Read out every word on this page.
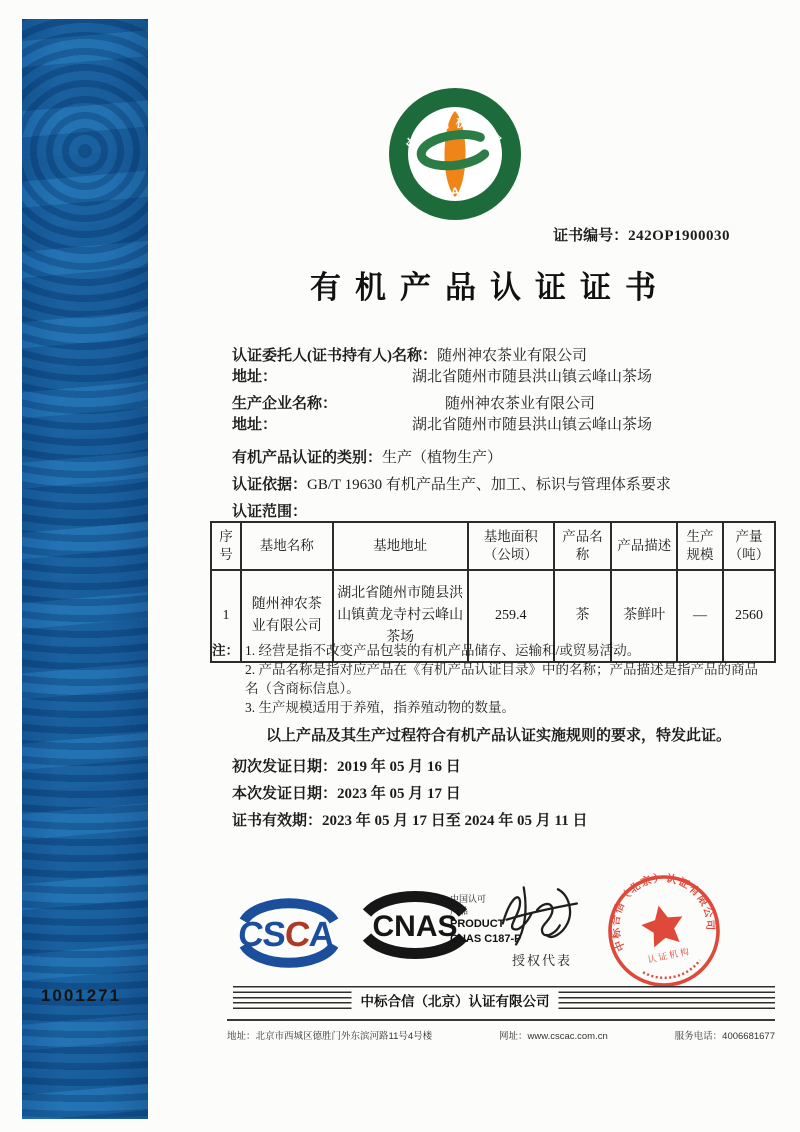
1001271
中国有机产品
ORGANIC
证书编号：242OP1900030
有机产品认证证书
认证委托人(证书持有人)名称： 随州神农茶业有限公司
地址：	湖北省随州市随县洪山镇云峰山茶场
生产企业名称：	随州神农茶业有限公司
地址：	湖北省随州市随县洪山镇云峰山茶场
有机产品认证的类别： 生产（植物生产）
认证依据： GB/T 19630 有机产品生产、加工、标识与管理体系要求
认证范围：
序号	基地名称	基地地址	基地面积（公顷）	产品名称	产品描述	生产规模	产量（吨）
1	随州神农茶业有限公司	湖北省随州市随县洪山镇黄龙寺村云峰山茶场	259.4	茶	茶鲜叶	—	2560
注： 1. 经营是指不改变产品包装的有机产品储存、运输和/或贸易活动。
2. 产品名称是指对应产品在《有机产品认证目录》中的名称；产品描述是指产品的商品名（含商标信息）。
3. 生产规模适用于养殖，指养殖动物的数量。
以上产品及其生产过程符合有机产品认证实施规则的要求，特发此证。
初次发证日期：2019 年 05 月 16 日
本次发证日期：2023 年 05 月 17 日
证书有效期：2023 年 05 月 17 日至 2024 年 05 月 11 日
CSCA CNAS
中国认可
产品
PRODUCT
CNAS C187-P
授权代表
中标合信（北京）认证有限公司
认证机构
中标合信（北京）认证有限公司
地址：北京市西城区德胜门外东滨河路11号4号楼	网址：www.cscac.com.cn	服务电话：4006681677
